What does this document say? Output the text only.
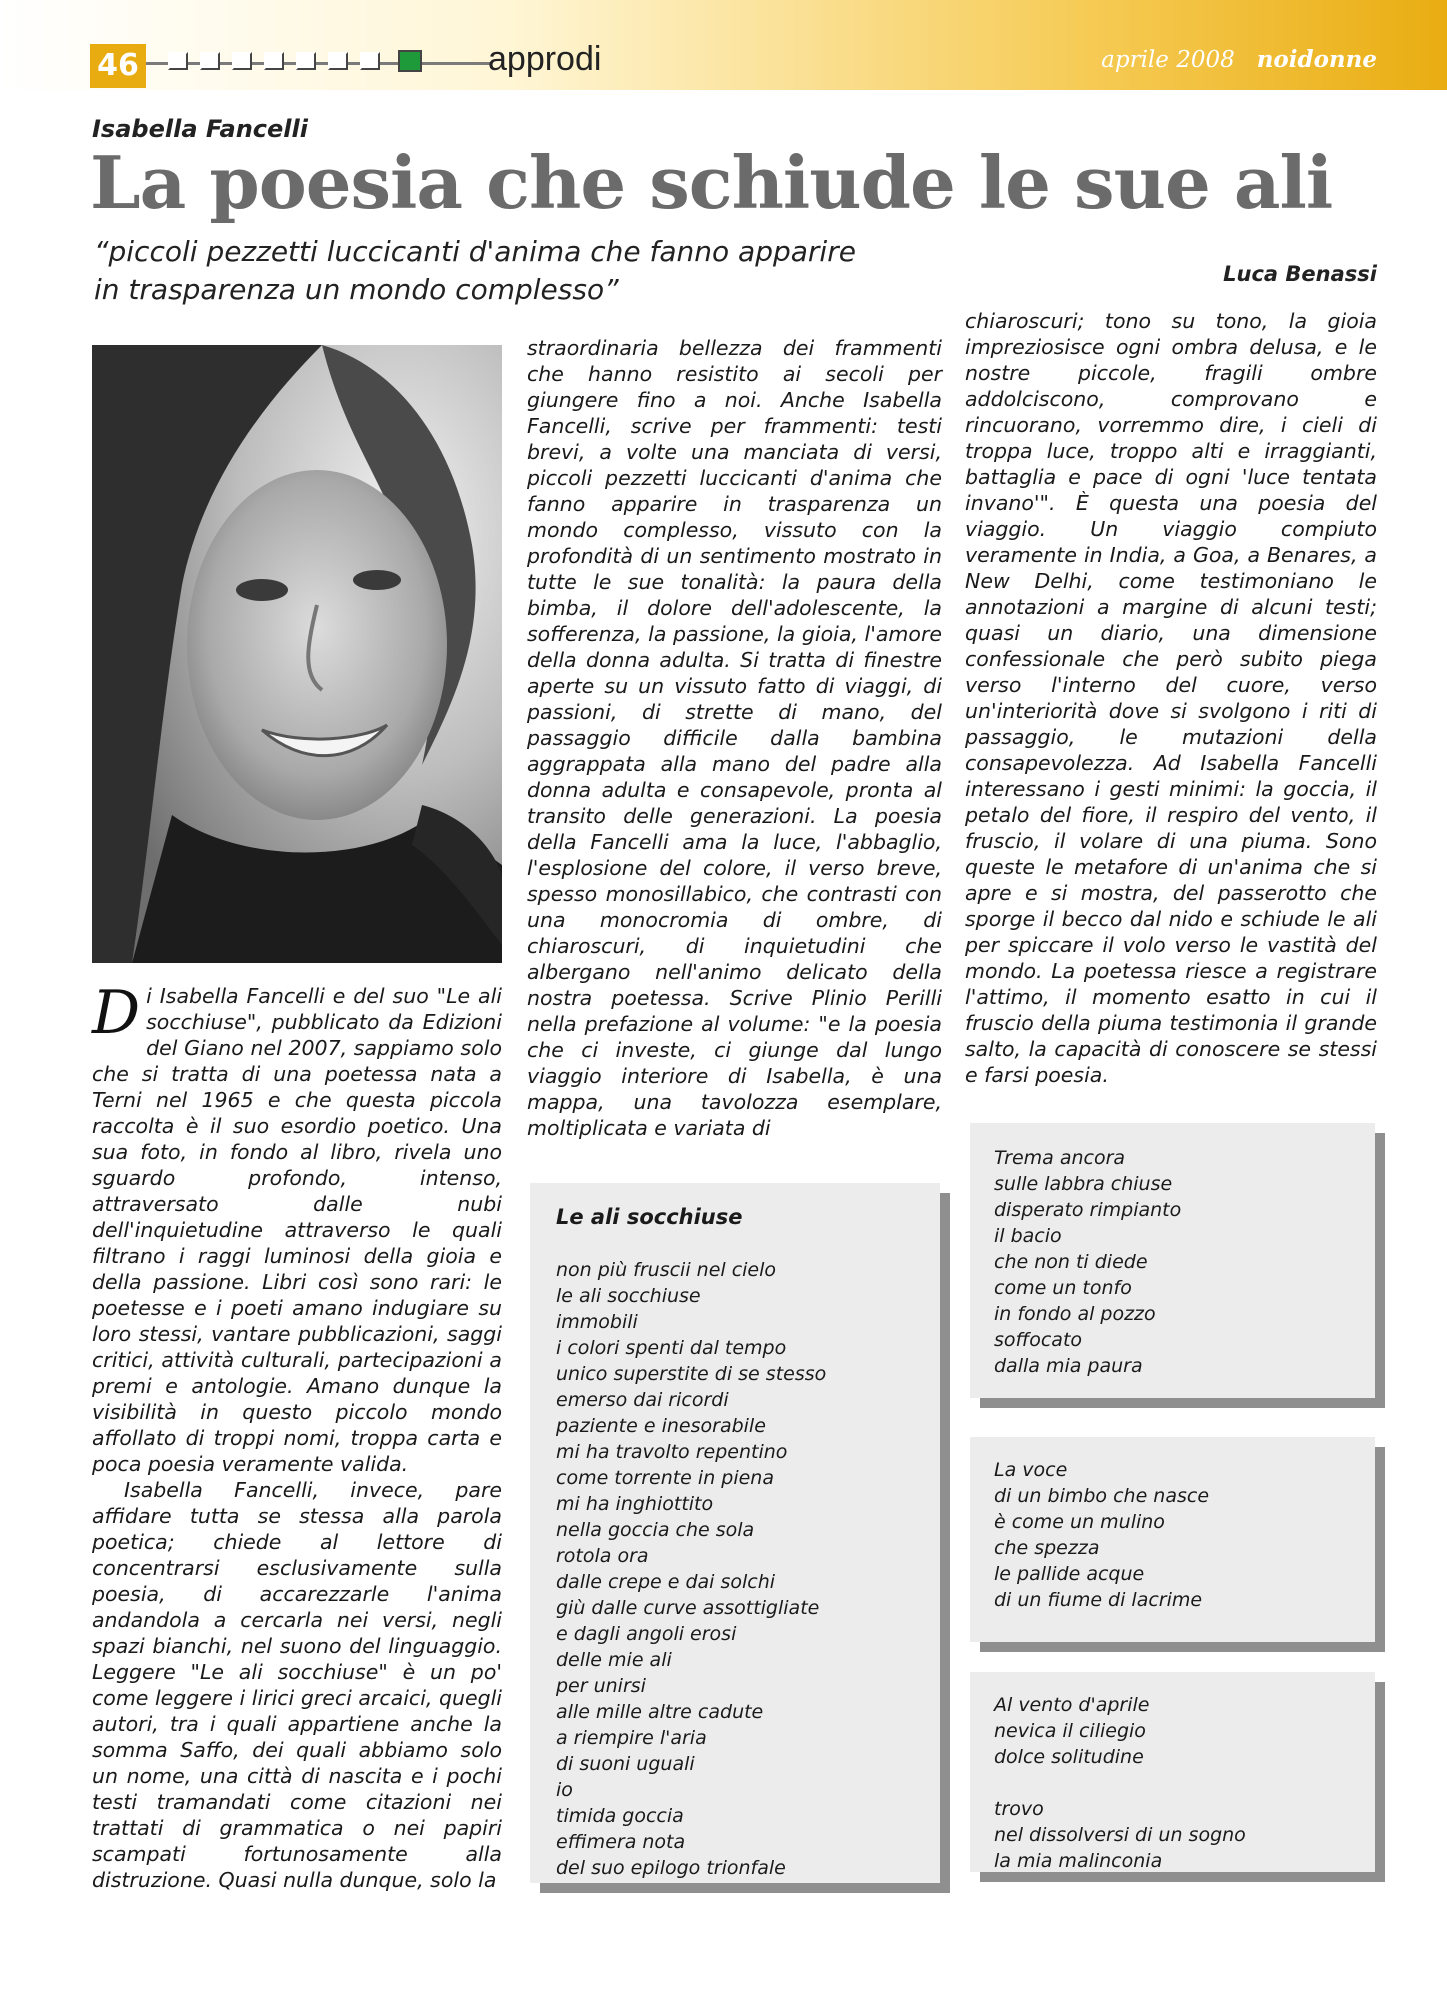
46	approdi	aprile 2008 noidonne
Isabella Fancelli
La poesia che schiude le sue ali
“piccoli pezzetti luccicanti d'anima che fanno apparire
in trasparenza un mondo complesso”	Luca Benassi

Di Isabella Fancelli e del suo "Le ali socchiuse", pubblicato da Edizioni del Giano nel 2007, sappiamo solo che si tratta di una poetessa nata a Terni nel 1965 e che questa piccola raccolta è il suo esordio poetico. Una sua foto, in fondo al libro, rivela uno sguardo profondo, intenso, attraversato dalle nubi dell'inquietudine attraverso le quali filtrano i raggi luminosi della gioia e della passione. Libri così sono rari: le poetesse e i poeti amano indugiare su loro stessi, vantare pubblicazioni, saggi critici, attività culturali, partecipazioni a premi e antologie. Amano dunque la visibilità in questo piccolo mondo affollato di troppi nomi, troppa carta e poca poesia veramente valida.

Isabella Fancelli, invece, pare affidare tutta se stessa alla parola poetica; chiede al lettore di concentrarsi esclusivamente sulla poesia, di accarezzarle l'anima andandola a cercarla nei versi, negli spazi bianchi, nel suono del linguaggio. Leggere "Le ali socchiuse" è un po' come leggere i lirici greci arcaici, quegli autori, tra i quali appartiene anche la somma Saffo, dei quali abbiamo solo un nome, una città di nascita e i pochi testi tramandati come citazioni nei trattati di grammatica o nei papiri scampati fortunosamente alla distruzione. Quasi nulla dunque, solo la

straordinaria bellezza dei frammenti che hanno resistito ai secoli per giungere fino a noi. Anche Isabella Fancelli, scrive per frammenti: testi brevi, a volte una manciata di versi, piccoli pezzetti luccicanti d'anima che fanno apparire in trasparenza un mondo complesso, vissuto con la profondità di un sentimento mostrato in tutte le sue tonalità: la paura della bimba, il dolore dell'adolescente, la sofferenza, la passione, la gioia, l'amore della donna adulta. Si tratta di finestre aperte su un vissuto fatto di viaggi, di passioni, di strette di mano, del passaggio difficile dalla bambina aggrappata alla mano del padre alla donna adulta e consapevole, pronta al transito delle generazioni. La poesia della Fancelli ama la luce, l'abbaglio, l'esplosione del colore, il verso breve, spesso monosillabico, che contrasti con una monocromia di ombre, di chiaroscuri, di inquietudini che albergano nell'animo delicato della nostra poetessa. Scrive Plinio Perilli nella prefazione al volume: "e la poesia che ci investe, ci giunge dal lungo viaggio interiore di Isabella, è una mappa, una tavolozza esemplare, moltiplicata e variata di

chiaroscuri; tono su tono, la gioia impreziosisce ogni ombra delusa, e le nostre piccole, fragili ombre addolciscono, comprovano e rincuorano, vorremmo dire, i cieli di troppa luce, troppo alti e irraggianti, battaglia e pace di ogni 'luce tentata invano'". È questa una poesia del viaggio. Un viaggio compiuto veramente in India, a Goa, a Benares, a New Delhi, come testimoniano le annotazioni a margine di alcuni testi; quasi un diario, una dimensione confessionale che però subito piega verso l'interno del cuore, verso un'interiorità dove si svolgono i riti di passaggio, le mutazioni della consapevolezza. Ad Isabella Fancelli interessano i gesti minimi: la goccia, il petalo del fiore, il respiro del vento, il fruscio, il volare di una piuma. Sono queste le metafore di un'anima che si apre e si mostra, del passerotto che sporge il becco dal nido e schiude le ali per spiccare il volo verso le vastità del mondo. La poetessa riesce a registrare l'attimo, il momento esatto in cui il fruscio della piuma testimonia il grande salto, la capacità di conoscere se stessi e farsi poesia.

Le ali socchiuse
non più fruscii nel cielo
le ali socchiuse
immobili
i colori spenti dal tempo
unico superstite di se stesso
emerso dai ricordi
paziente e inesorabile
mi ha travolto repentino
come torrente in piena
mi ha inghiottito
nella goccia che sola
rotola ora
dalle crepe e dai solchi
giù dalle curve assottigliate
e dagli angoli erosi
delle mie ali
per unirsi
alle mille altre cadute
a riempire l'aria
di suoni uguali
io
timida goccia
effimera nota
del suo epilogo trionfale
Trema ancora
sulle labbra chiuse
disperato rimpianto
il bacio
che non ti diede
come un tonfo
in fondo al pozzo
soffocato
dalla mia paura
La voce
di un bimbo che nasce
è come un mulino
che spezza
le pallide acque
di un fiume di lacrime
Al vento d'aprile
nevica il ciliegio
dolce solitudine
trovo
nel dissolversi di un sogno
la mia malinconia
